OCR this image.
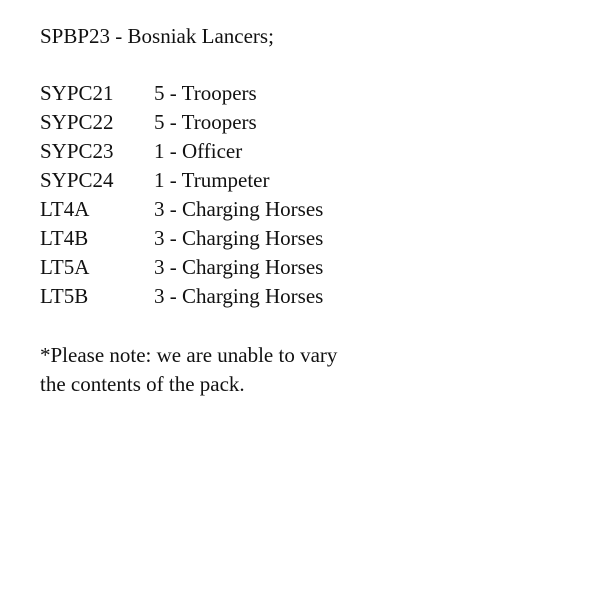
SPBP23 - Bosniak Lancers;
SYPC21	5 - Troopers
SYPC22	5 - Troopers
SYPC23	1 - Officer
SYPC24	1 - Trumpeter
LT4A	3 - Charging Horses
LT4B	3 - Charging Horses
LT5A	3 - Charging Horses
LT5B	3 - Charging Horses
*Please note: we are unable to vary
the contents of the pack.
